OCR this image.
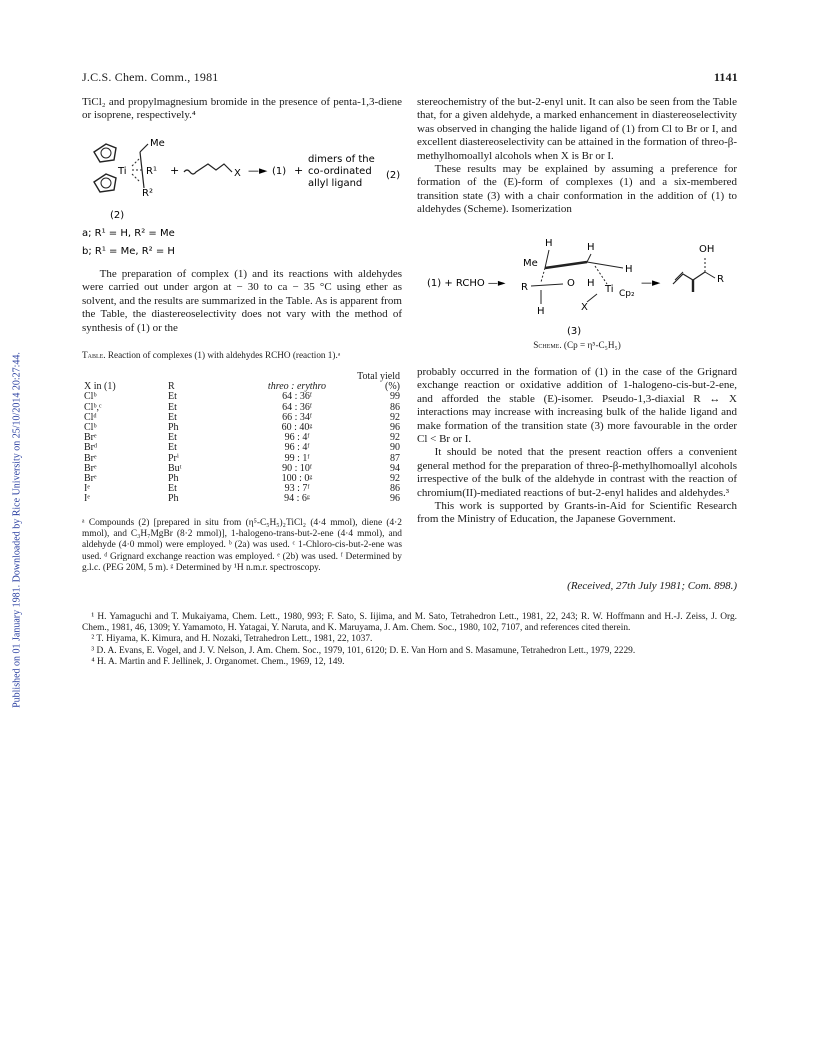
Published on 01 January 1981. Downloaded by Rice University on 25/10/2014 20:27:44.
J.C.S. Chem. Comm., 1981	1141

TiCl₂ and propylmagnesium bromide in the presence of penta-1,3-diene or isoprene, respectively.⁴

Me
Ti R¹
R²
+	X —► (1) +
dimers of the
co-ordinated
allyl ligand
(2)
(2)
a; R¹ = H, R² = Me
b; R¹ = Me, R² = H

The preparation of complex (1) and its reactions with aldehydes were carried out under argon at − 30 to ca − 35 °C using ether as solvent, and the results are summarized in the Table. As is apparent from the Table, the diastereoselectivity does not vary with the method of synthesis of (1) or the

Table. Reaction of complexes (1) with aldehydes RCHO (reaction 1).ᵃ
			Total yield
X in (1)	R	threo : erythro	(%)
Clᵇ	Et	64 : 36ᶠ	99
Clᵇ,ᶜ	Et	64 : 36ᶠ	86
Clᵈ	Et	66 : 34ᶠ	92
Clᵇ	Ph	60 : 40ᵍ	96
Brᵉ	Et	96 : 4ᶠ	92
Brᵈ	Et	96 : 4ᶠ	90
Brᵉ	Prⁱ	99 : 1ᶠ	87
Brᵉ	Buᵗ	90 : 10ᶠ	94
Brᵉ	Ph	100 : 0ᵍ	92
Iᵉ	Et	93 : 7ᶠ	86
Iᵉ	Ph	94 : 6ᵍ	96

ᵃ Compounds (2) [prepared in situ from (η⁵-C₅H₅)₂TiCl₂ (4·4 mmol), diene (4·2 mmol), and C₃H₇MgBr (8·2 mmol)], 1-halogeno-trans-but-2-ene (4·4 mmol), and aldehyde (4·0 mmol) were employed. ᵇ (2a) was used. ᶜ 1-Chloro-cis-but-2-ene was used. ᵈ Grignard exchange reaction was employed. ᵉ (2b) was used. ᶠ Determined by g.l.c. (PEG 20M, 5 m). ᵍ Determined by ¹H n.m.r. spectroscopy.

stereochemistry of the but-2-enyl unit. It can also be seen from the Table that, for a given aldehyde, a marked enhancement in diastereoselectivity was observed in changing the halide ligand of (1) from Cl to Br or I, and excellent diastereoselectivity can be attained in the formation of threo-β-methylhomoallyl alcohols when X is Br or I.

These results may be explained by assuming a preference for formation of the (E)-form of complexes (1) and a six-membered transition state (3) with a chair conformation in the addition of (1) to aldehydes (Scheme). Isomerization

(1) + RCHO —►
H	H
Me
H
R	O H
Ti Cp₂
H	X
—►
OH
R
(3)
Scheme. (Cp = η⁵-C₅H₅)

probably occurred in the formation of (1) in the case of the Grignard exchange reaction or oxidative addition of 1-halogeno-cis-but-2-ene, and afforded the stable (E)-isomer. Pseudo-1,3-diaxial R ↔ X interactions may increase with increasing bulk of the halide ligand and make formation of the transition state (3) more favourable in the order Cl < Br or I.

It should be noted that the present reaction offers a convenient general method for the preparation of threo-β-methylhomoallyl alcohols irrespective of the bulk of the aldehyde in contrast with the reaction of chromium(II)-mediated reactions of but-2-enyl halides and aldehydes.³

This work is supported by Grants-in-Aid for Scientific Research from the Ministry of Education, the Japanese Government.

(Received, 27th July 1981; Com. 898.)

¹ H. Yamaguchi and T. Mukaiyama, Chem. Lett., 1980, 993; F. Sato, S. Iijima, and M. Sato, Tetrahedron Lett., 1981, 22, 243; R. W. Hoffmann and H.-J. Zeiss, J. Org. Chem., 1981, 46, 1309; Y. Yamamoto, H. Yatagai, Y. Naruta, and K. Maruyama, J. Am. Chem. Soc., 1980, 102, 7107, and references cited therein.

² T. Hiyama, K. Kimura, and H. Nozaki, Tetrahedron Lett., 1981, 22, 1037.

³ D. A. Evans, E. Vogel, and J. V. Nelson, J. Am. Chem. Soc., 1979, 101, 6120; D. E. Van Horn and S. Masamune, Tetrahedron Lett., 1979, 2229.

⁴ H. A. Martin and F. Jellinek, J. Organomet. Chem., 1969, 12, 149.
